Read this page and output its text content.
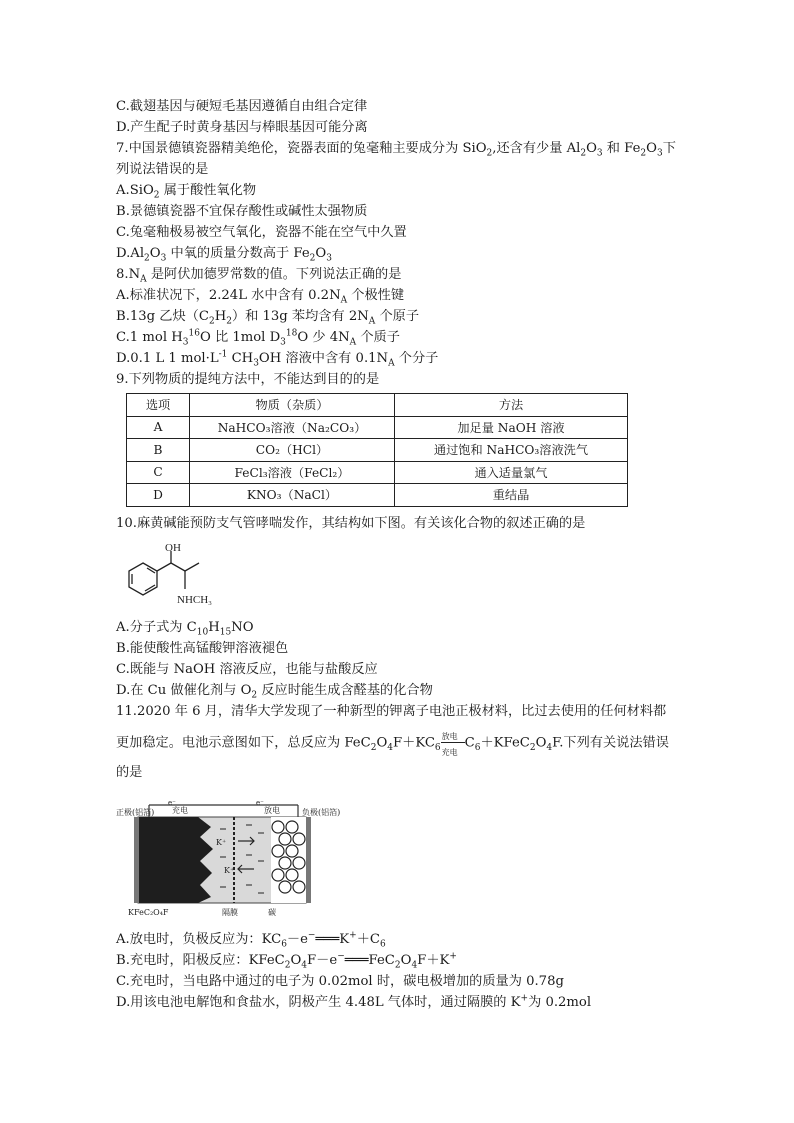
C.截翅基因与硬短毛基因遵循自由组合定律
D.产生配子时黄身基因与棒眼基因可能分离
7.中国景德镇瓷器精美绝伦，瓷器表面的兔毫釉主要成分为 SiO$_2$,还含有少量 $Al_2O_3$ 和 $Fe_2O_3$下
列说法错误的是
A.SiO$_2$ 属于酸性氧化物
B.景德镇瓷器不宜保存酸性或碱性太强物质
C.兔毫釉极易被空气氧化，瓷器不能在空气中久置
$D.Al_2O_3$ 中氧的质量分数高于 $Fe_2O_3$
$8.N_A$ 是阿伏加德罗常数的值。下列说法正确的是
A.标准状况下，2.24L 水中含有 $0.2N_A$ 个极性键
B.13g 乙炔$(C_2H_2)$和 13g 苯均含有 $2N_A$ 个原子
C.1 mol $H_3^{16}O$ 比 1mol $D_3^{18}O$ 少 $4N_A$ 个质子
D.0.1 L 1 $mol\cdot L^{-1}$ $CH_3OH$ 溶液中含有 $0.1N_A$ 个分子
9.下列物质的提纯方法中，不能达到目的的是
选项	物质（杂质）	方法
A	NaHCO₃溶液（Na₂CO₃）	加足量 NaOH 溶液
B	CO₂（HCl）	通过饱和 NaHCO₃溶液洗气
C	FeCl₃溶液（FeCl₂）	通入适量氯气
D	KNO₃（NaCl）	重结晶
10.麻黄碱能预防支气管哮喘发作，其结构如下图。有关该化合物的叙述正确的是
OH
NHCH₃
A.分子式为 $C_{10}H_{15}NO$
B.能使酸性高锰酸钾溶液褪色
C.既能与 NaOH 溶液反应，也能与盐酸反应
D.在 Cu 做催化剂与 $O_2$ 反应时能生成含醛基的化合物
11.2020 年 6 月，清华大学发现了一种新型的钾离子电池正极材料，比过去使用的任何材料都
更加稳定。电池示意图如下，总反应为 $FeC_2O_4F+KC_6$
放电
充电
$C_6+KFeC_2O_4F$.下列有关说法错误
的是
e⁻	e⁻
充电	放电
正极(铝箔)	负极(铝箔)
K⁺
K⁺
KFeC₂O₄F	隔膜	碳
A.放电时，负极反应为：$KC_6-e^-═══K^++C_6$
B.充电时，阳极反应：$KFeC_2O_4F-e^-═══FeC_2O_4F+K^+$
C.充电时，当电路中通过的电子为 0.02mol 时，碳电极增加的质量为 0.78g
D.用该电池电解饱和食盐水，阴极产生 4.48L 气体时，通过隔膜的 K+为 0.2mol
